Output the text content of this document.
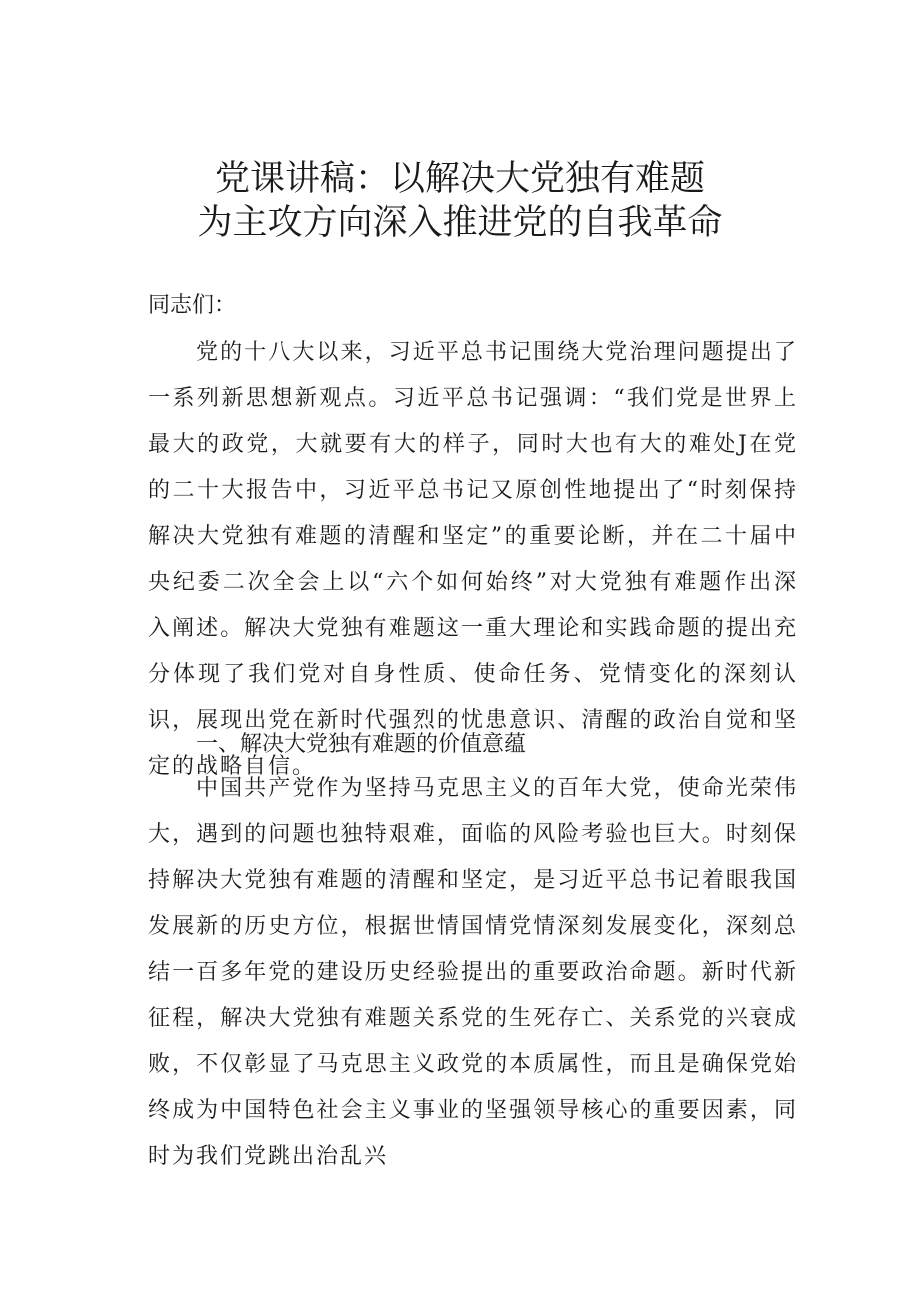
党课讲稿：以解决大党独有难题
为主攻方向深入推进党的自我革命
同志们：
党的十八大以来，习近平总书记围绕大党治理问题提出了一系列新思想新观点。习近平总书记强调：“我们党是世界上最大的政党，大就要有大的样子，同时大也有大的难处J在党的二十大报告中，习近平总书记又原创性地提出了“时刻保持解决大党独有难题的清醒和坚定”的重要论断，并在二十届中央纪委二次全会上以“六个如何始终”对大党独有难题作出深入阐述。解决大党独有难题这一重大理论和实践命题的提出充分体现了我们党对自身性质、使命任务、党情变化的深刻认识，展现出党在新时代强烈的忧患意识、清醒的政治自觉和坚定的战略自信。
一、解决大党独有难题的价值意蕴
中国共产党作为坚持马克思主义的百年大党，使命光荣伟大，遇到的问题也独特艰难，面临的风险考验也巨大。时刻保持解决大党独有难题的清醒和坚定，是习近平总书记着眼我国发展新的历史方位，根据世情国情党情深刻发展变化，深刻总结一百多年党的建设历史经验提出的重要政治命题。新时代新征程，解决大党独有难题关系党的生死存亡、关系党的兴衰成败，不仅彰显了马克思主义政党的本质属性，而且是确保党始终成为中国特色社会主义事业的坚强领导核心的重要因素，同时为我们党跳出治乱兴
